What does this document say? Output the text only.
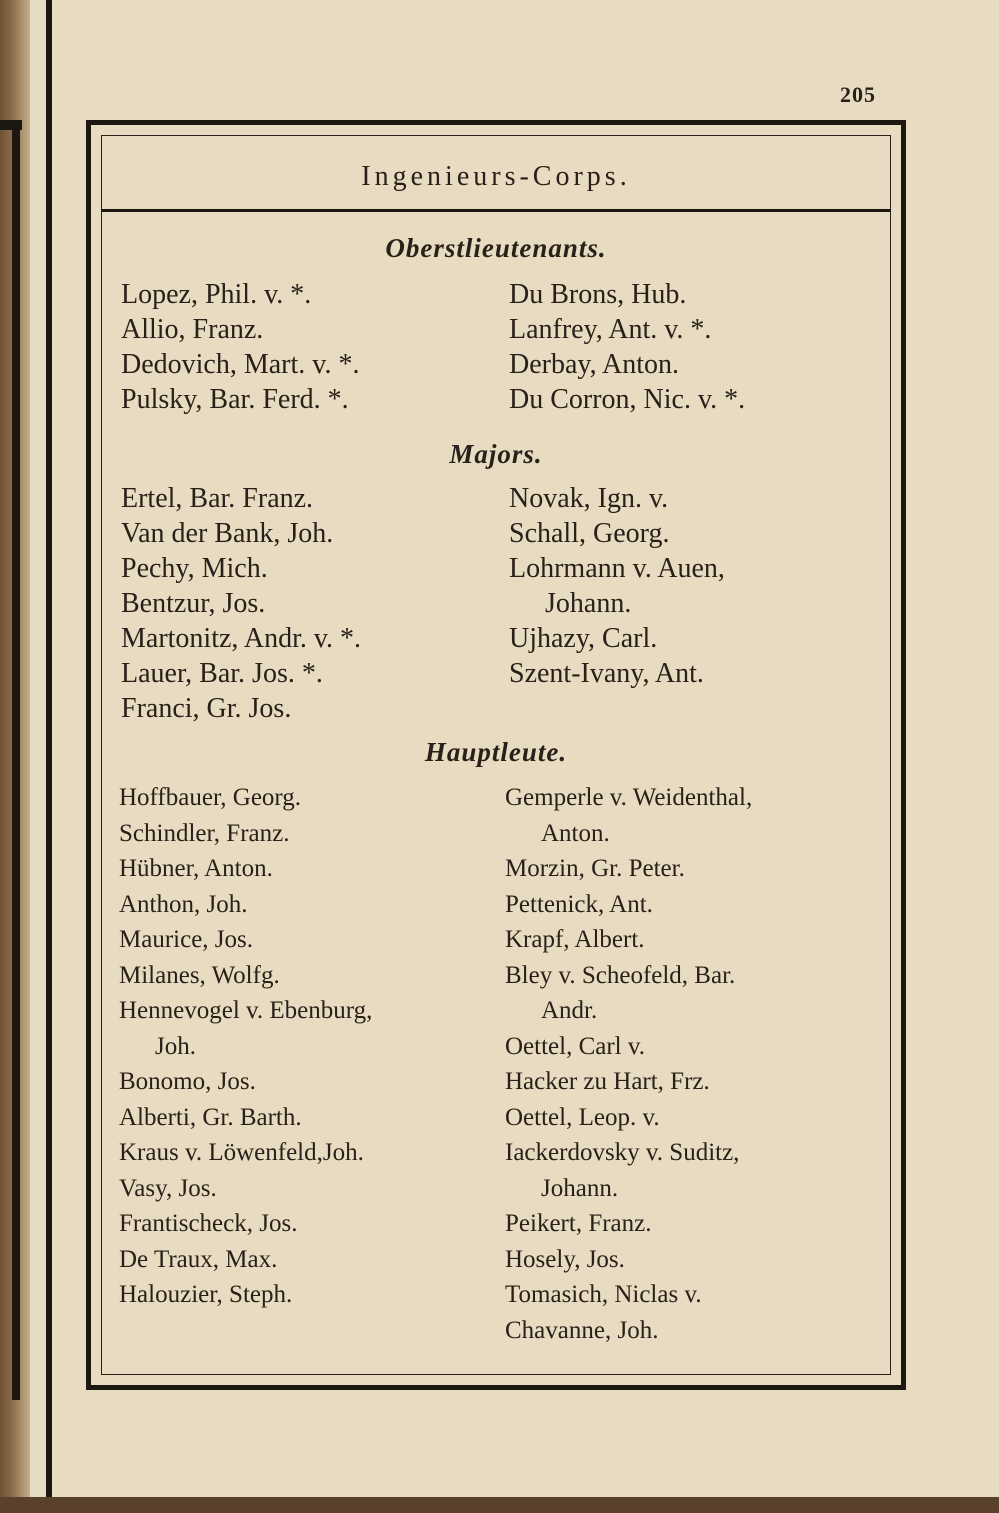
205
Ingenieurs-Corps.
Oberstlieutenants.
Lopez, Phil. v. *.
Allio, Franz.
Dedovich, Mart. v. *.
Pulsky, Bar. Ferd. *.
Du Brons, Hub.
Lanfrey, Ant. v. *.
Derbay, Anton.
Du Corron, Nic. v. *.
Majors.
Ertel, Bar. Franz.
Van der Bank, Joh.
Pechy, Mich.
Bentzur, Jos.
Martonitz, Andr. v. *.
Lauer, Bar. Jos. *.
Franci, Gr. Jos.
Novak, Ign. v.
Schall, Georg.
Lohrmann v. Auen,
Johann.
Ujhazy, Carl.
Szent-Ivany, Ant.
Hauptleute.
Hoffbauer, Georg.
Schindler, Franz.
Hübner, Anton.
Anthon, Joh.
Maurice, Jos.
Milanes, Wolfg.
Hennevogel v. Ebenburg,
Joh.
Bonomo, Jos.
Alberti, Gr. Barth.
Kraus v. Löwenfeld,Joh.
Vasy, Jos.
Frantischeck, Jos.
De Traux, Max.
Halouzier, Steph.
Gemperle v. Weidenthal,
Anton.
Morzin, Gr. Peter.
Pettenick, Ant.
Krapf, Albert.
Bley v. Scheofeld, Bar.
Andr.
Oettel, Carl v.
Hacker zu Hart, Frz.
Oettel, Leop. v.
Iackerdovsky v. Suditz,
Johann.
Peikert, Franz.
Hosely, Jos.
Tomasich, Niclas v.
Chavanne, Joh.
